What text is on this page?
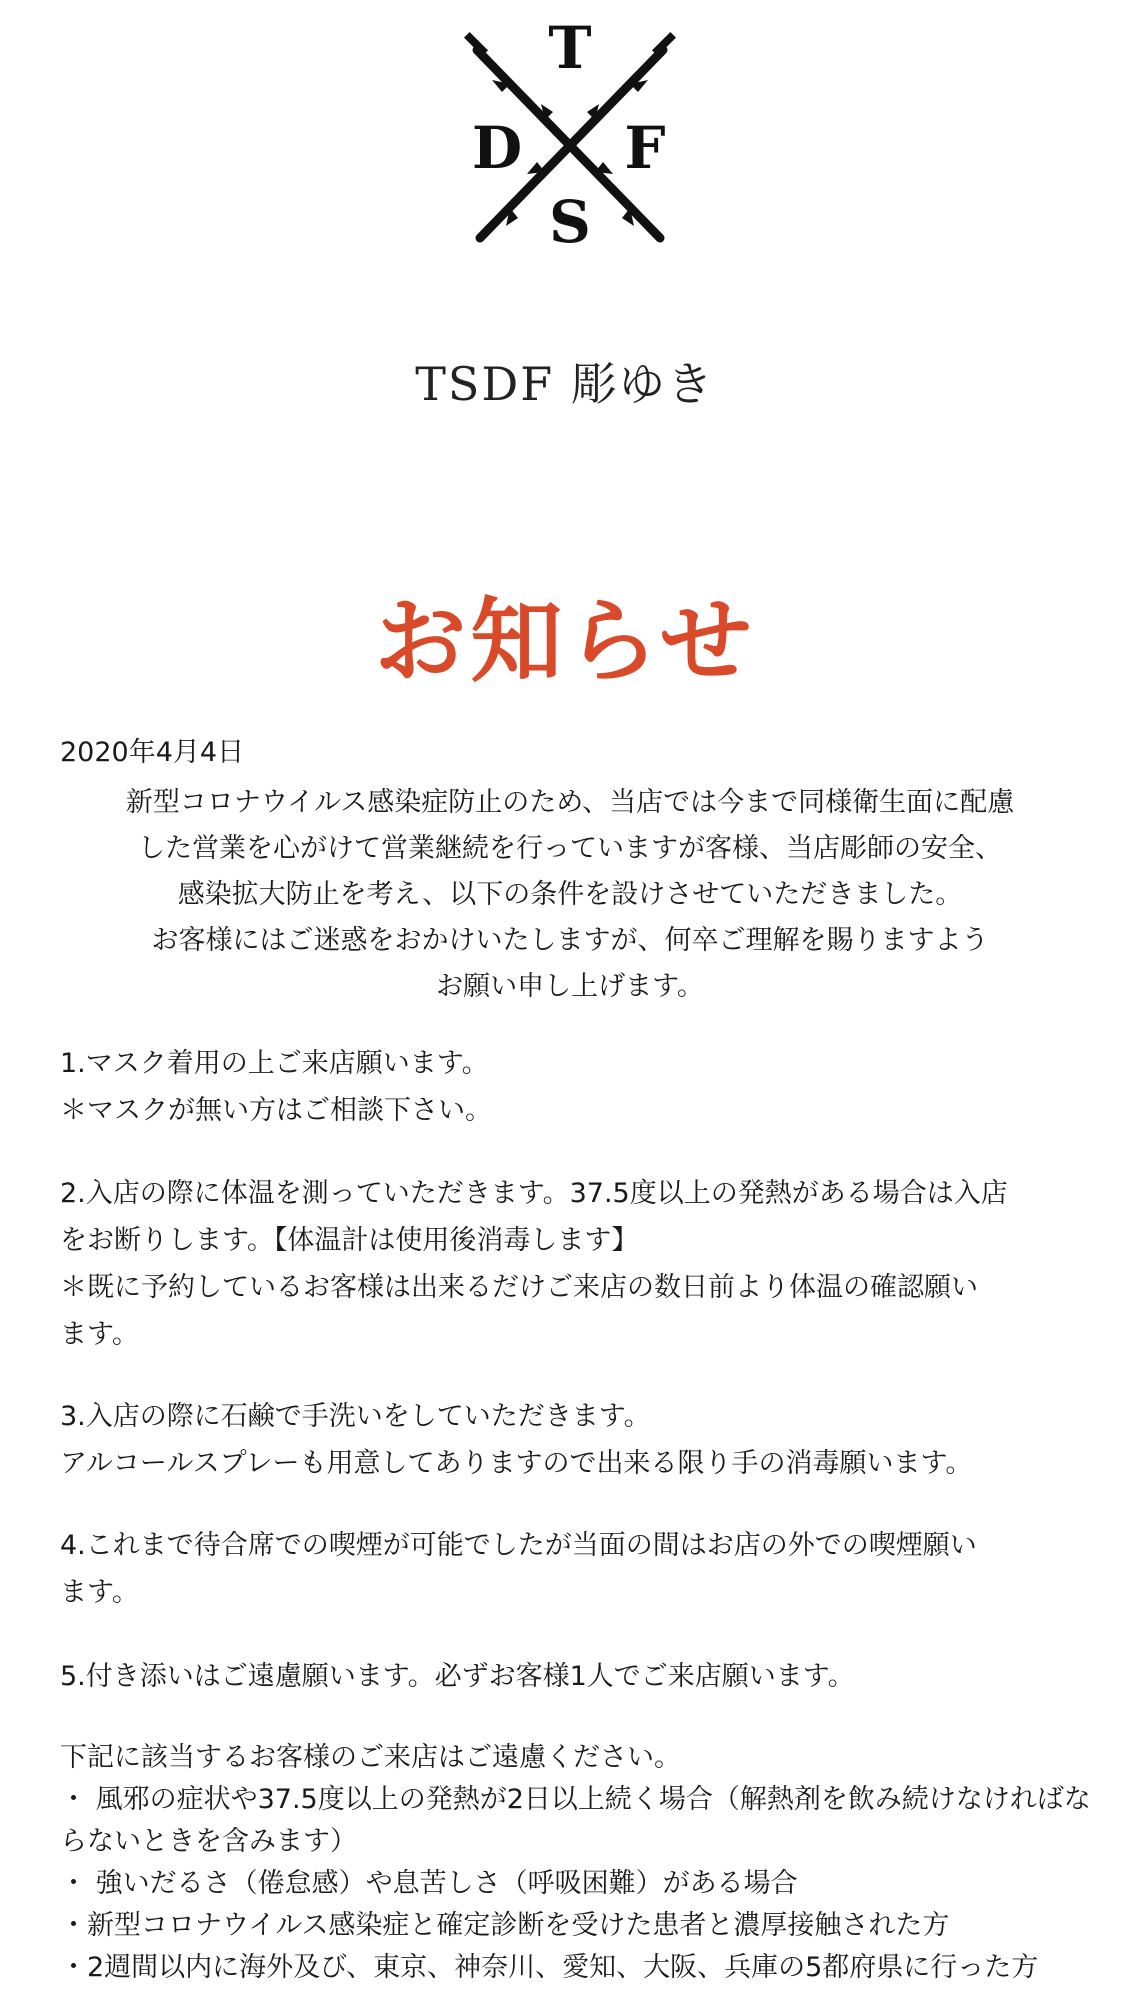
T
S
D F
TSDF 彫ゆき
お知らせ
2020年4月4日
新型コロナウイルス感染症防止のため、当店では今まで同様衛生面に配慮
した営業を心がけて営業継続を行っていますが客様、当店彫師の安全、
感染拡大防止を考え、以下の条件を設けさせていただきました。
お客様にはご迷惑をおかけいたしますが、何卒ご理解を賜りますよう
お願い申し上げます。
1.マスク着用の上ご来店願います。
＊マスクが無い方はご相談下さい。
2.入店の際に体温を測っていただきます。37.5度以上の発熱がある場合は入店
をお断りします。【体温計は使用後消毒します】
＊既に予約しているお客様は出来るだけご来店の数日前より体温の確認願い
ます。
3.入店の際に石鹸で手洗いをしていただきます。
アルコールスプレーも用意してありますので出来る限り手の消毒願います。
4.これまで待合席での喫煙が可能でしたが当面の間はお店の外での喫煙願い
ます。
5.付き添いはご遠慮願います。必ずお客様1人でご来店願います。
下記に該当するお客様のご来店はご遠慮ください。
・ 風邪の症状や37.5度以上の発熱が2日以上続く場合（解熱剤を飲み続けなければな
らないときを含みます）
・ 強いだるさ（倦怠感）や息苦しさ（呼吸困難）がある場合
・新型コロナウイルス感染症と確定診断を受けた患者と濃厚接触された方
・2週間以内に海外及び、東京、神奈川、愛知、大阪、兵庫の5都府県に行った方
